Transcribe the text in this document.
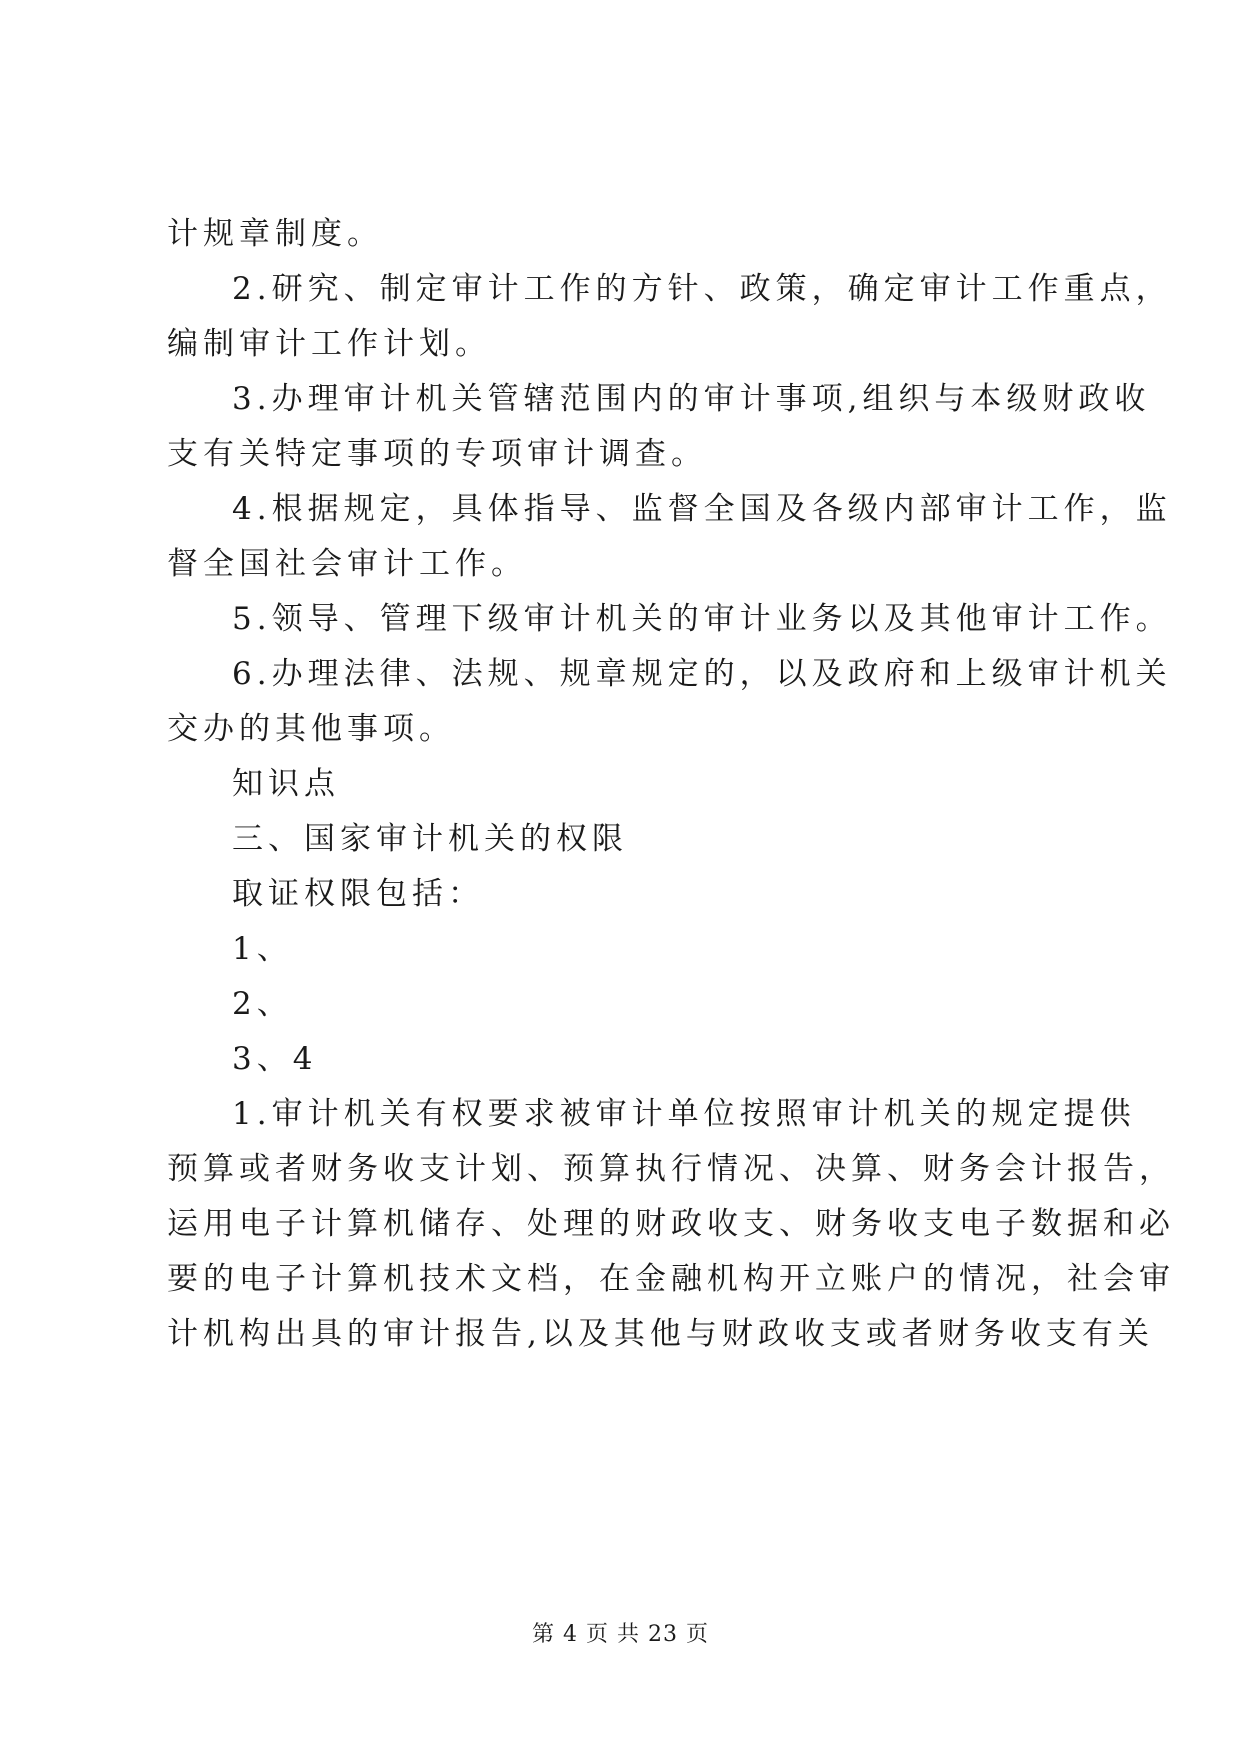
计规章制度。
2.研究、制定审计工作的方针、政策，确定审计工作重点，
编制审计工作计划。
3.办理审计机关管辖范围内的审计事项,组织与本级财政收
支有关特定事项的专项审计调查。
4.根据规定，具体指导、监督全国及各级内部审计工作，监
督全国社会审计工作。
5.领导、管理下级审计机关的审计业务以及其他审计工作。
6.办理法律、法规、规章规定的，以及政府和上级审计机关
交办的其他事项。
知识点
三、国家审计机关的权限
取证权限包括：
1、
2、
3、4
1.审计机关有权要求被审计单位按照审计机关的规定提供
预算或者财务收支计划、预算执行情况、决算、财务会计报告，
运用电子计算机储存、处理的财政收支、财务收支电子数据和必
要的电子计算机技术文档，在金融机构开立账户的情况，社会审
计机构出具的审计报告,以及其他与财政收支或者财务收支有关
第 4 页 共 23 页
